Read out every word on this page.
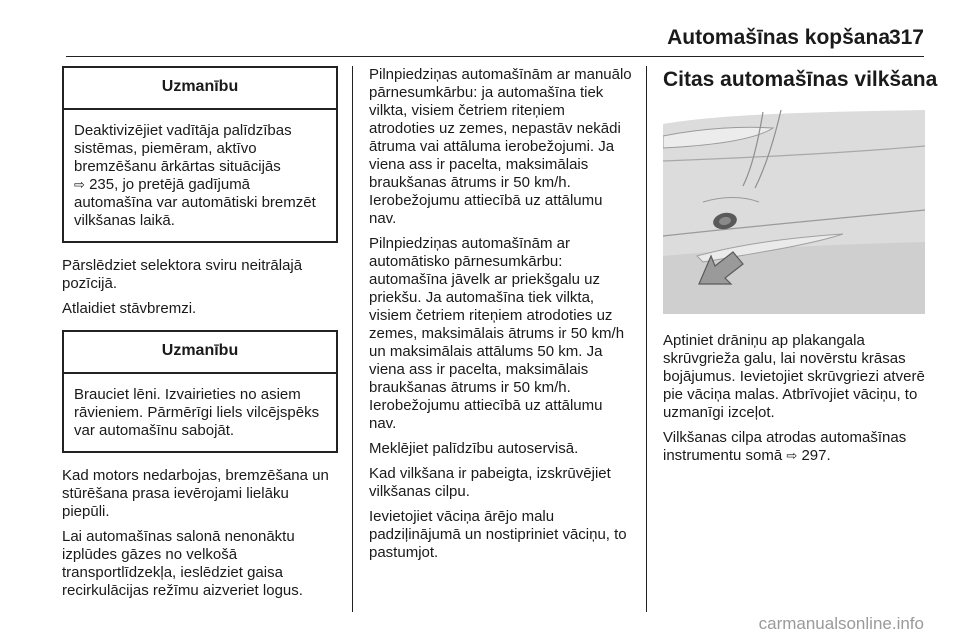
Automašīnas kopšana
317
Uzmanību
Deaktivizējiet vadītāja palīdzības sistēmas, piemēram, aktīvo bremzēšanu ārkārtas situācijās
⇨ 235, jo pretējā gadījumā automašīna var automātiski bremzēt vilkšanas laikā.

Pārslēdziet selektora sviru neitrālajā pozīcijā.

Atlaidiet stāvbremzi.

Uzmanību
Brauciet lēni. Izvairieties no asiem rāvieniem. Pārmērīgi liels vilcējspēks var automašīnu sabojāt.

Kad motors nedarbojas, bremzēšana un stūrēšana prasa ievērojami lielāku piepūli.

Lai automašīnas salonā nenonāktu izplūdes gāzes no velkošā transportlīdzekļa, ieslēdziet gaisa recirkulācijas režīmu aizveriet logus.

Pilnpiedziņas automašīnām ar manuālo pārnesumkārbu: ja automašīna tiek vilkta, visiem četriem riteņiem atrodoties uz zemes, nepastāv nekādi ātruma vai attāluma ierobežojumi. Ja viena ass ir pacelta, maksimālais braukšanas ātrums ir 50 km/h. Ierobežojumu attiecībā uz attālumu nav.

Pilnpiedziņas automašīnām ar automātisko pārnesumkārbu: automašīna jāvelk ar priekšgalu uz priekšu. Ja automašīna tiek vilkta, visiem četriem riteņiem atrodoties uz zemes, maksimālais ātrums ir 50 km/h un maksimālais attālums 50 km. Ja viena ass ir pacelta, maksimālais braukšanas ātrums ir 50 km/h. Ierobežojumu attiecībā uz attālumu nav.

Meklējiet palīdzību autoservisā.

Kad vilkšana ir pabeigta, izskrūvējiet vilkšanas cilpu.

Ievietojiet vāciņa ārējo malu padziļinājumā un nostipriniet vāciņu, to pastumjot.

Citas automašīnas vilkšana

Aptiniet drāniņu ap plakangala skrūvgrieža galu, lai novērstu krāsas bojājumus. Ievietojiet skrūvgriezi atverē pie vāciņa malas. Atbrīvojiet vāciņu, to uzmanīgi izceļot.

Vilkšanas cilpa atrodas automašīnas instrumentu somā ⇨ 297.

carmanualsonline.info
